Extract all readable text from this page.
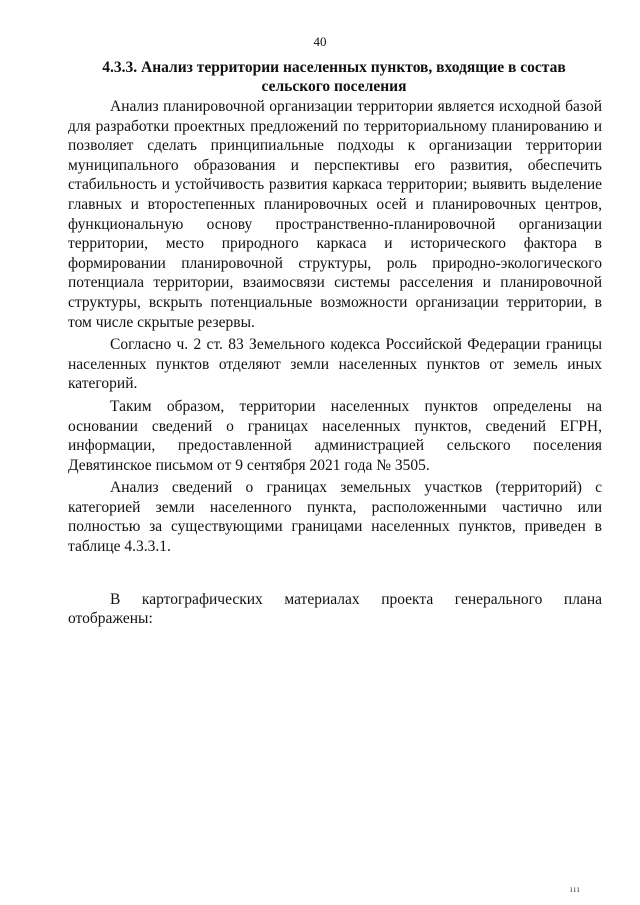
40
4.3.3. Анализ территории населенных пунктов, входящие в состав сельского поселения

Анализ планировочной организации территории является исходной базой для разработки проектных предложений по территориальному планированию и позволяет сделать принципиальные подходы к организации территории муниципального образования и перспективы его развития, обеспечить стабильность и устойчивость развития каркаса территории; выявить выделение главных и второстепенных планировочных осей и планировочных центров, функциональную основу пространственно-планировочной организации территории, место природного каркаса и исторического фактора в формировании планировочной структуры, роль природно-экологического потенциала территории, взаимосвязи системы расселения и планировочной структуры, вскрыть потенциальные возможности организации территории, в том числе скрытые резервы.

Согласно ч. 2 ст. 83 Земельного кодекса Российской Федерации границы населенных пунктов отделяют земли населенных пунктов от земель иных категорий.

Таким образом, территории населенных пунктов определены на основании сведений о границах населенных пунктов, сведений ЕГРН, информации, предоставленной администрацией сельского поселения Девятинское письмом от 9 сентября 2021 года № 3505.

Анализ сведений о границах земельных участков (территорий) с категорией земли населенного пункта, расположенными частично или полностью за существующими границами населенных пунктов, приведен в таблице 4.3.3.1.

В картографических материалах проекта генерального плана отображены:

ııı
